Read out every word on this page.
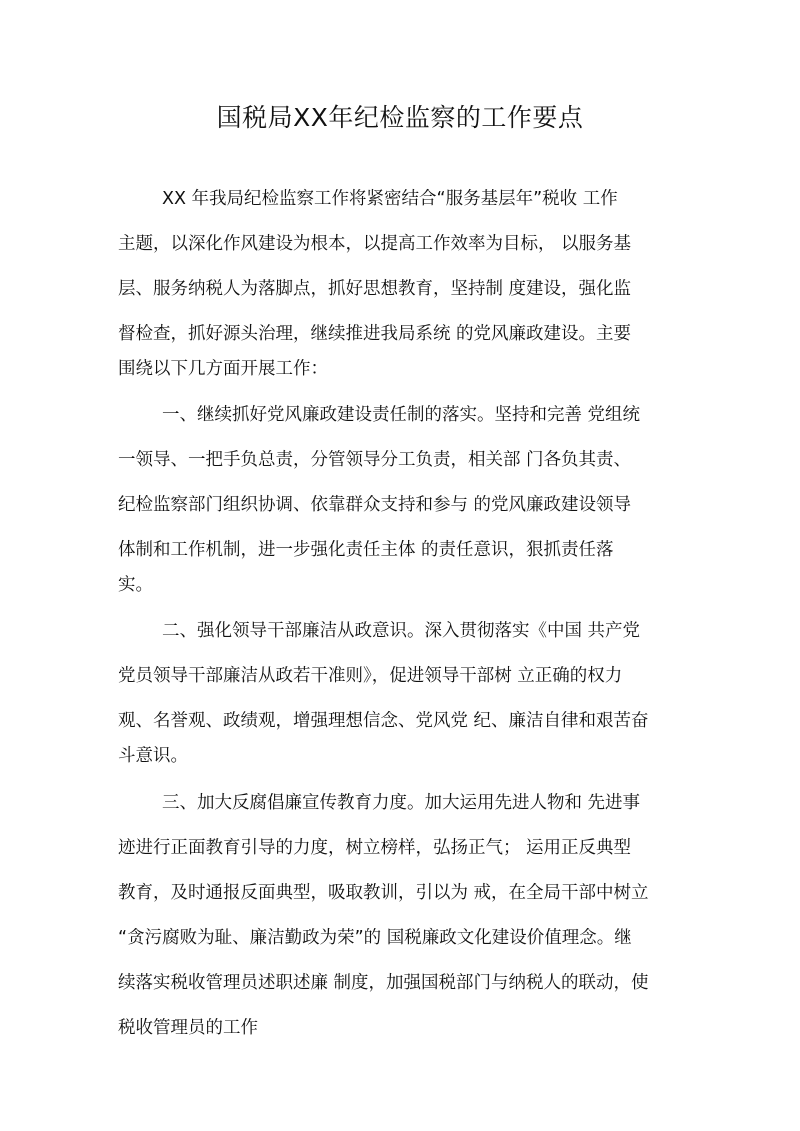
国税局XX年纪检监察的工作要点

XX 年我局纪检监察工作将紧密结合“服务基层年”税收 工作

主题，以深化作风建设为根本，以提高工作效率为目标， 以服务基

层、服务纳税人为落脚点，抓好思想教育，坚持制 度建设，强化监

督检查，抓好源头治理，继续推进我局系统 的党风廉政建设。主要

围绕以下几方面开展工作：

一、继续抓好党风廉政建设责任制的落实。坚持和完善 党组统

一领导、一把手负总责，分管领导分工负责，相关部 门各负其责、

纪检监察部门组织协调、依靠群众支持和参与 的党风廉政建设领导

体制和工作机制，进一步强化责任主体 的责任意识，狠抓责任落

实。

二、强化领导干部廉洁从政意识。深入贯彻落实《中国 共产党

党员领导干部廉洁从政若干准则》，促进领导干部树 立正确的权力

观、名誉观、政绩观，增强理想信念、党风党 纪、廉洁自律和艰苦奋

斗意识。

三、加大反腐倡廉宣传教育力度。加大运用先进人物和 先进事

迹进行正面教育引导的力度，树立榜样，弘扬正气； 运用正反典型

教育，及时通报反面典型，吸取教训，引以为 戒，在全局干部中树立

“贪污腐败为耻、廉洁勤政为荣”的 国税廉政文化建设价值理念。继

续落实税收管理员述职述廉 制度，加强国税部门与纳税人的联动，使

税收管理员的工作
